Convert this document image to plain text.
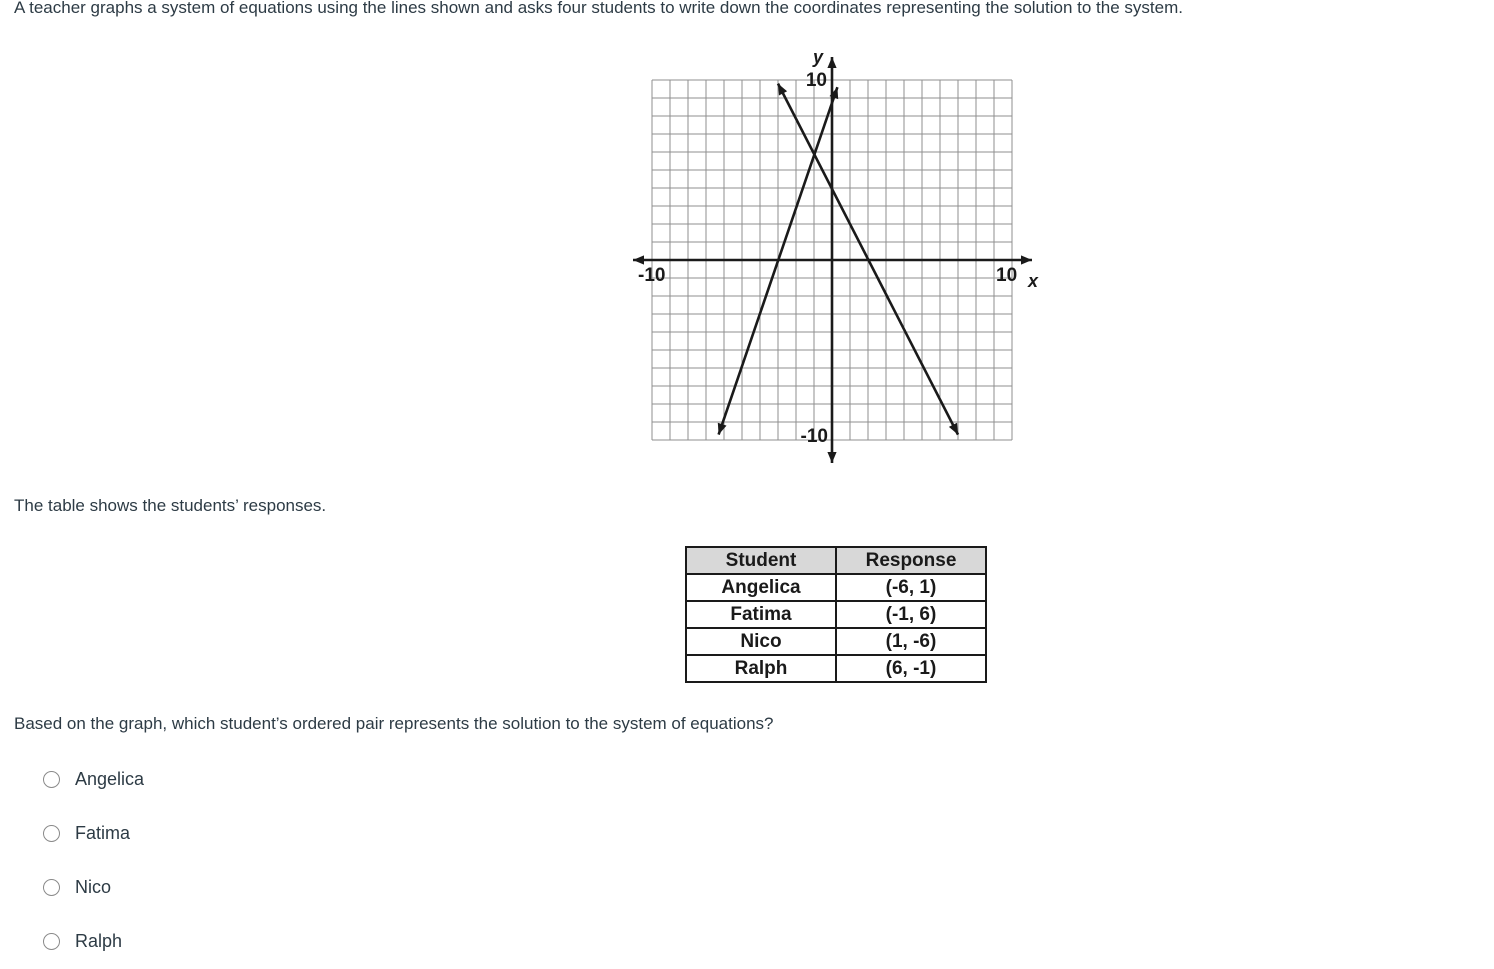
A teacher graphs a system of equations using the lines shown and asks four students to write down the coordinates representing the solution to the system.

y
10
-10
-10	10 x

The table shows the students’ responses.

Student	Response
Angelica	(-6, 1)
Fatima	(-1, 6)
Nico	(1, -6)
Ralph	(6, -1)

Based on the graph, which student’s ordered pair represents the solution to the system of equations?

Angelica
Fatima
Nico
Ralph
